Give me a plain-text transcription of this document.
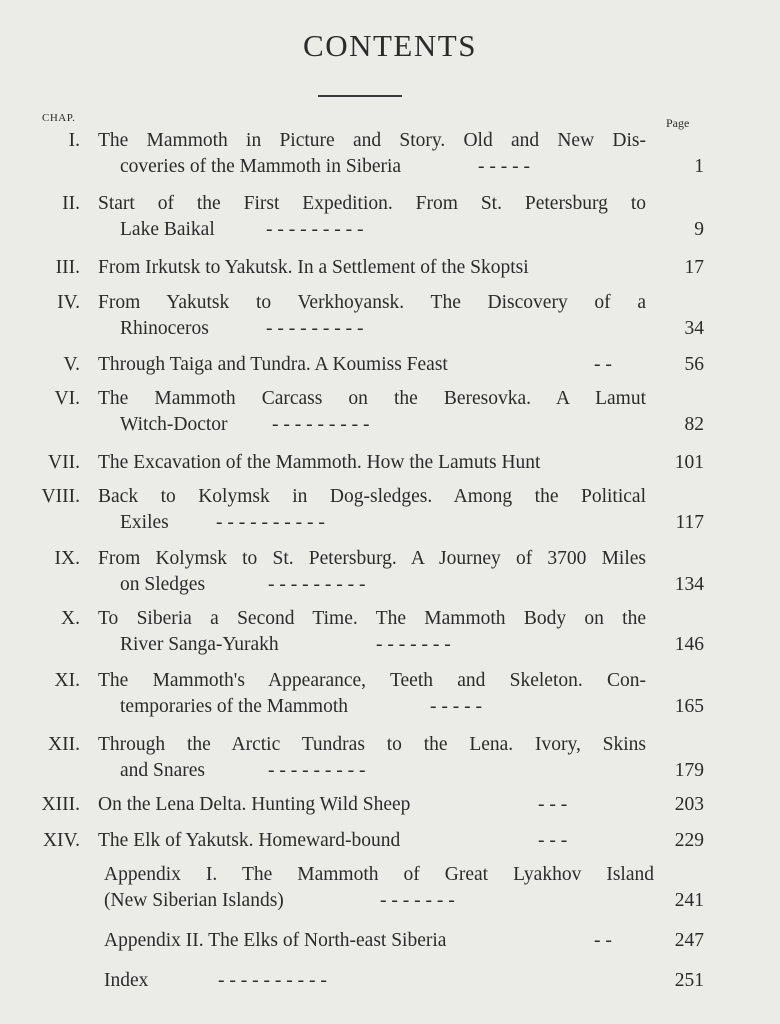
CONTENTS
CHAP.	Page
I. The Mammoth in Picture and Story. Old and New Dis-
coveries of the Mammoth in Siberia	- - - - -	1
II. Start of the First Expedition. From St. Petersburg to
Lake Baikal	- - - - - - - - -	9
III. From Irkutsk to Yakutsk. In a Settlement of the Skoptsi	17
IV. From Yakutsk to Verkhoyansk. The Discovery of a
Rhinoceros	- - - - - - - - -	34
V. Through Taiga and Tundra. A Koumiss Feast	- -	56
VI. The Mammoth Carcass on the Beresovka. A Lamut
Witch-Doctor - - - - - - - - -	82
VII. The Excavation of the Mammoth. How the Lamuts Hunt	101
VIII. Back to Kolymsk in Dog-sledges. Among the Political
Exiles - - - - - - - - - -	117
IX. From Kolymsk to St. Petersburg. A Journey of 3700 Miles
on Sledges	- - - - - - - - -	134
X. To Siberia a Second Time. The Mammoth Body on the
River Sanga-Yurakh	- - - - - - -	146
XI. The Mammoth's Appearance, Teeth and Skeleton. Con-
temporaries of the Mammoth	- - - - -	165
XII. Through the Arctic Tundras to the Lena. Ivory, Skins
and Snares	- - - - - - - - -	179
XIII. On the Lena Delta. Hunting Wild Sheep	- - -	203
XIV. The Elk of Yakutsk. Homeward-bound	- - -	229
Appendix I. The Mammoth of Great Lyakhov Island
(New Siberian Islands)	- - - - - - -	241
Appendix II. The Elks of North-east Siberia	- -	247
Index	- - - - - - - - - -	251
